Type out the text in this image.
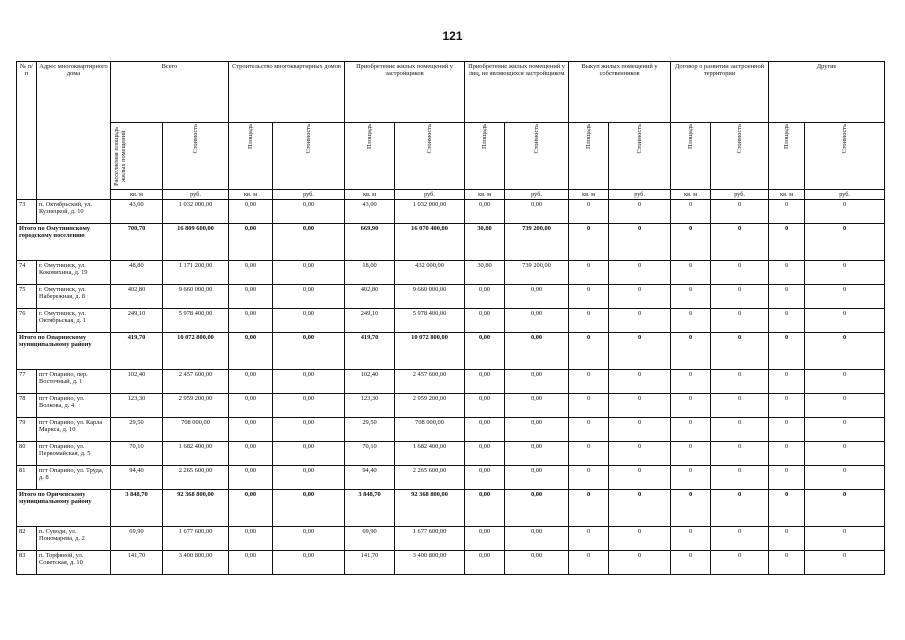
121
№ п/п	Адрес многоквартирного дома	Всего		Строительство многоквартирных домов		Приобретение жилых помещений у застройщиков		Приобретение жилых помещений у лиц, не являющихся застройщиком		Выкуп жилых помещений у собственников		Договор о развитии застроенной территории		Другие	

		Расселяемая площадь жилых помещений	Стоимость	Площадь	Стоимость	Площадь	Стоимость	Площадь	Стоимость	Площадь	Стоимость	Площадь	Стоимость	Площадь	Стоимость

		кв. м	руб.	кв. м	руб.	кв. м	руб.	кв. м	руб.	кв. м	руб.	кв. м	руб.	кв. м	руб.
73	п. Октябрьский, ул. Кузнецкой, д. 10	43,00	1 032 000,00	0,00	0,00	43,00	1 032 000,00	0,00	0,00	0	0	0	0	0	0
Итого по Омутнинскому городскому поселению		700,70	16 809 600,00	0,00	0,00	669,90	16 070 400,00	30,80	739 200,00	0	0	0	0	0	0
74	г. Омутнинск, ул. Коковихина, д. 19	48,80	1 171 200,00	0,00	0,00	18,00	432 000,00	30,80	739 200,00	0	0	0	0	0	0
75	г. Омутнинск, ул. Набережная, д. 8	402,80	9 660 000,00	0,00	0,00	402,80	9 660 000,00	0,00	0,00	0	0	0	0	0	0
76	г. Омутнинск, ул. Октябрьская, д. 1	249,10	5 978 400,00	0,00	0,00	249,10	5 978 400,00	0,00	0,00	0	0	0	0	0	0
Итого по Опаринскому муниципальному району		419,70	10 072 800,00	0,00	0,00	419,70	10 072 800,00	0,00	0,00	0	0	0	0	0	0
77	пгт Опарино, пер. Восточный, д. 1	102,40	2 457 600,00	0,00	0,00	102,40	2 457 600,00	0,00	0,00	0	0	0	0	0	0
78	пгт Опарино, ул. Волкова, д. 4	123,30	2 959 200,00	0,00	0,00	123,30	2 959 200,00	0,00	0,00	0	0	0	0	0	0
79	пгт Опарино, ул. Карла Маркса, д. 10	29,50	708 000,00	0,00	0,00	29,50	708 000,00	0,00	0,00	0	0	0	0	0	0
80	пгт Опарино, ул. Первомайская, д. 5	70,10	1 682 400,00	0,00	0,00	70,10	1 682 400,00	0,00	0,00	0	0	0	0	0	0
81	пгт Опарино, ул. Труда, д. 8	94,40	2 265 600,00	0,00	0,00	94,40	2 265 600,00	0,00	0,00	0	0	0	0	0	0
Итого по Оричевскому муниципальному району		3 848,70	92 368 800,00	0,00	0,00	3 848,70	92 368 800,00	0,00	0,00	0	0	0	0	0	0
82	п. Суводи, ул. Пономарева, д. 2	69,90	1 677 600,00	0,00	0,00	69,90	1 677 600,00	0,00	0,00	0	0	0	0	0	0
83	п. Торфяной, ул. Советская, д. 10	141,70	3 400 800,00	0,00	0,00	141,70	3 400 800,00	0,00	0,00	0	0	0	0	0	0
